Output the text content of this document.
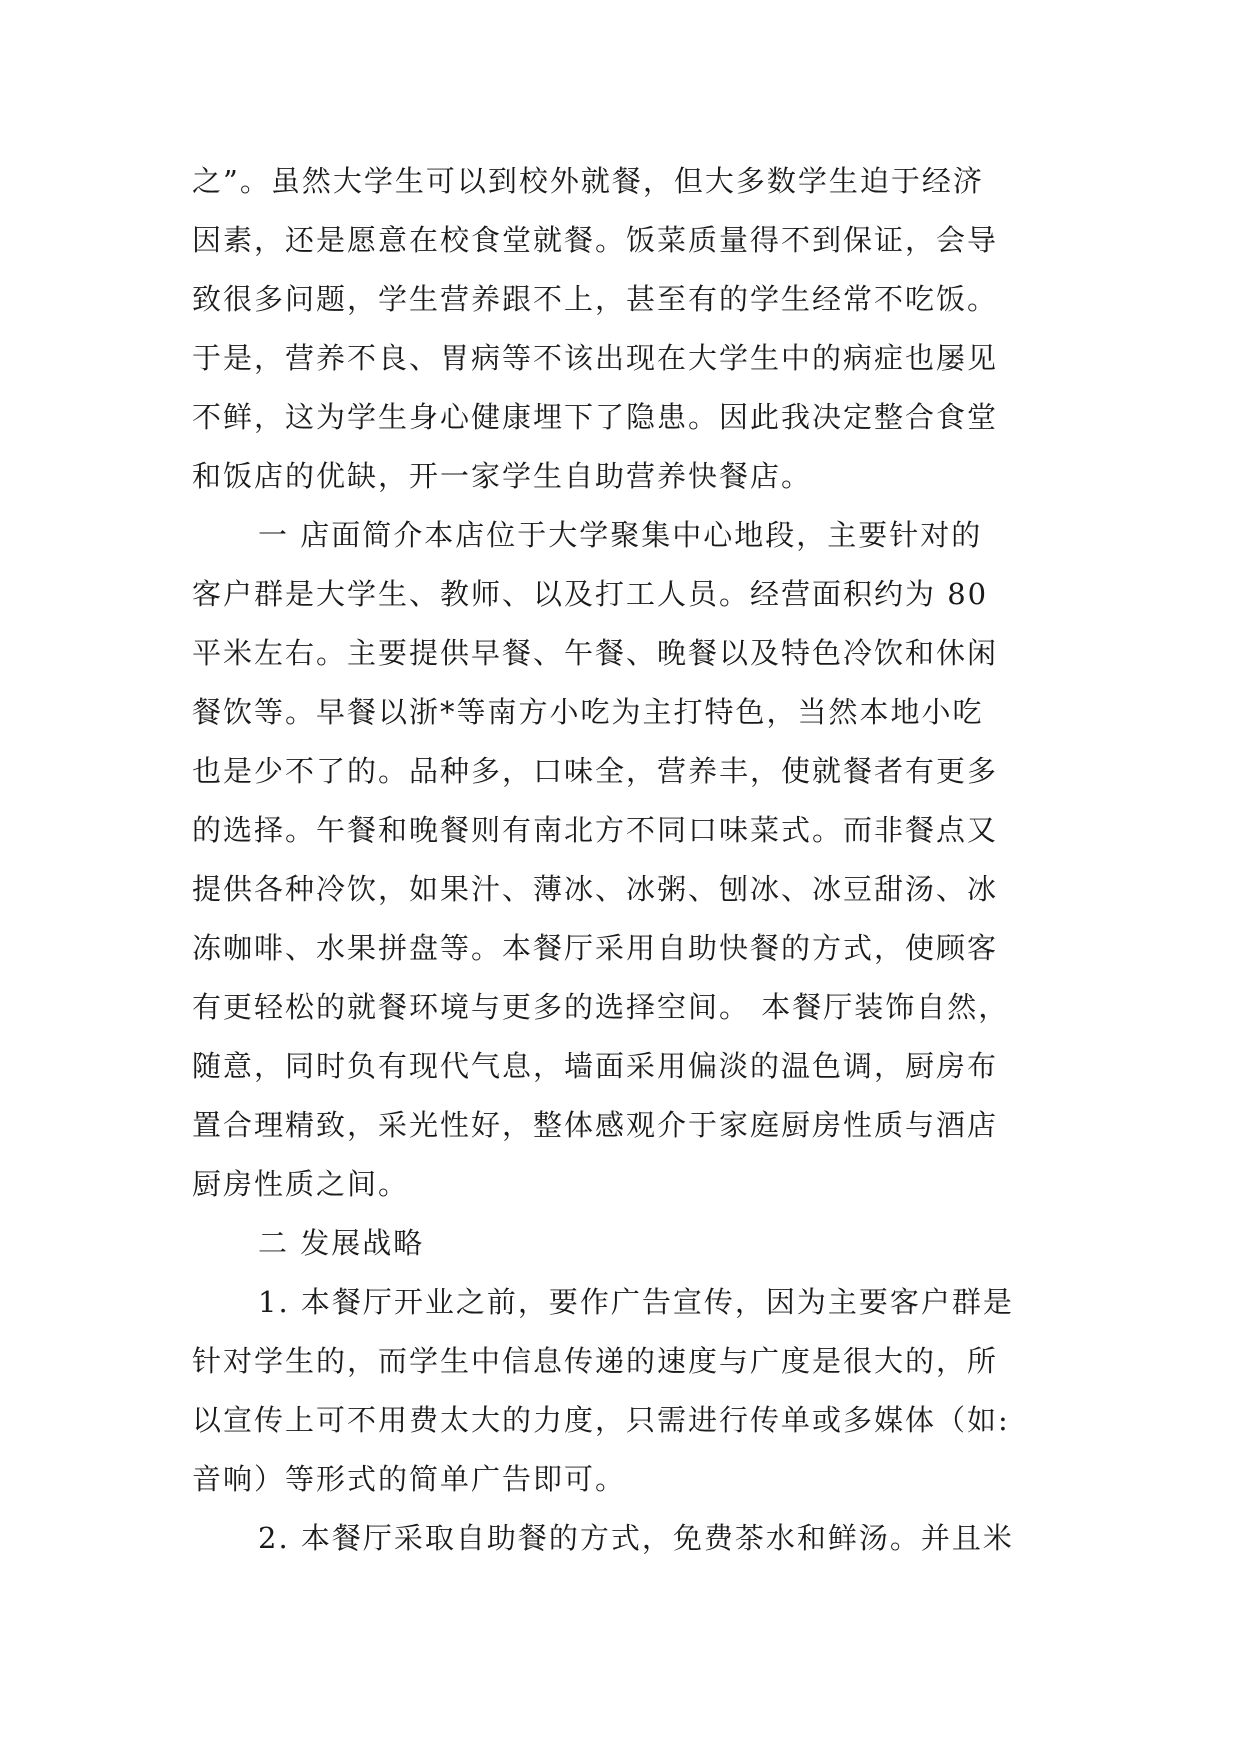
之”。虽然大学生可以到校外就餐，但大多数学生迫于经济
因素，还是愿意在校食堂就餐。饭菜质量得不到保证，会导
致很多问题，学生营养跟不上，甚至有的学生经常不吃饭。
于是，营养不良、胃病等不该出现在大学生中的病症也屡见
不鲜，这为学生身心健康埋下了隐患。因此我决定整合食堂
和饭店的优缺，开一家学生自助营养快餐店。
一 店面简介本店位于大学聚集中心地段，主要针对的
客户群是大学生、教师、以及打工人员。经营面积约为 80
平米左右。主要提供早餐、午餐、晚餐以及特色冷饮和休闲
餐饮等。早餐以浙*等南方小吃为主打特色，当然本地小吃
也是少不了的。品种多，口味全，营养丰，使就餐者有更多
的选择。午餐和晚餐则有南北方不同口味菜式。而非餐点又
提供各种冷饮，如果汁、薄冰、冰粥、刨冰、冰豆甜汤、冰
冻咖啡、水果拼盘等。本餐厅采用自助快餐的方式，使顾客
有更轻松的就餐环境与更多的选择空间。 本餐厅装饰自然，
随意，同时负有现代气息，墙面采用偏淡的温色调，厨房布
置合理精致，采光性好，整体感观介于家庭厨房性质与酒店
厨房性质之间。
二 发展战略
1. 本餐厅开业之前，要作广告宣传，因为主要客户群是
针对学生的，而学生中信息传递的速度与广度是很大的，所
以宣传上可不用费太大的力度，只需进行传单或多媒体（如:
音响）等形式的简单广告即可。
2. 本餐厅采取自助餐的方式，免费茶水和鲜汤。并且米
